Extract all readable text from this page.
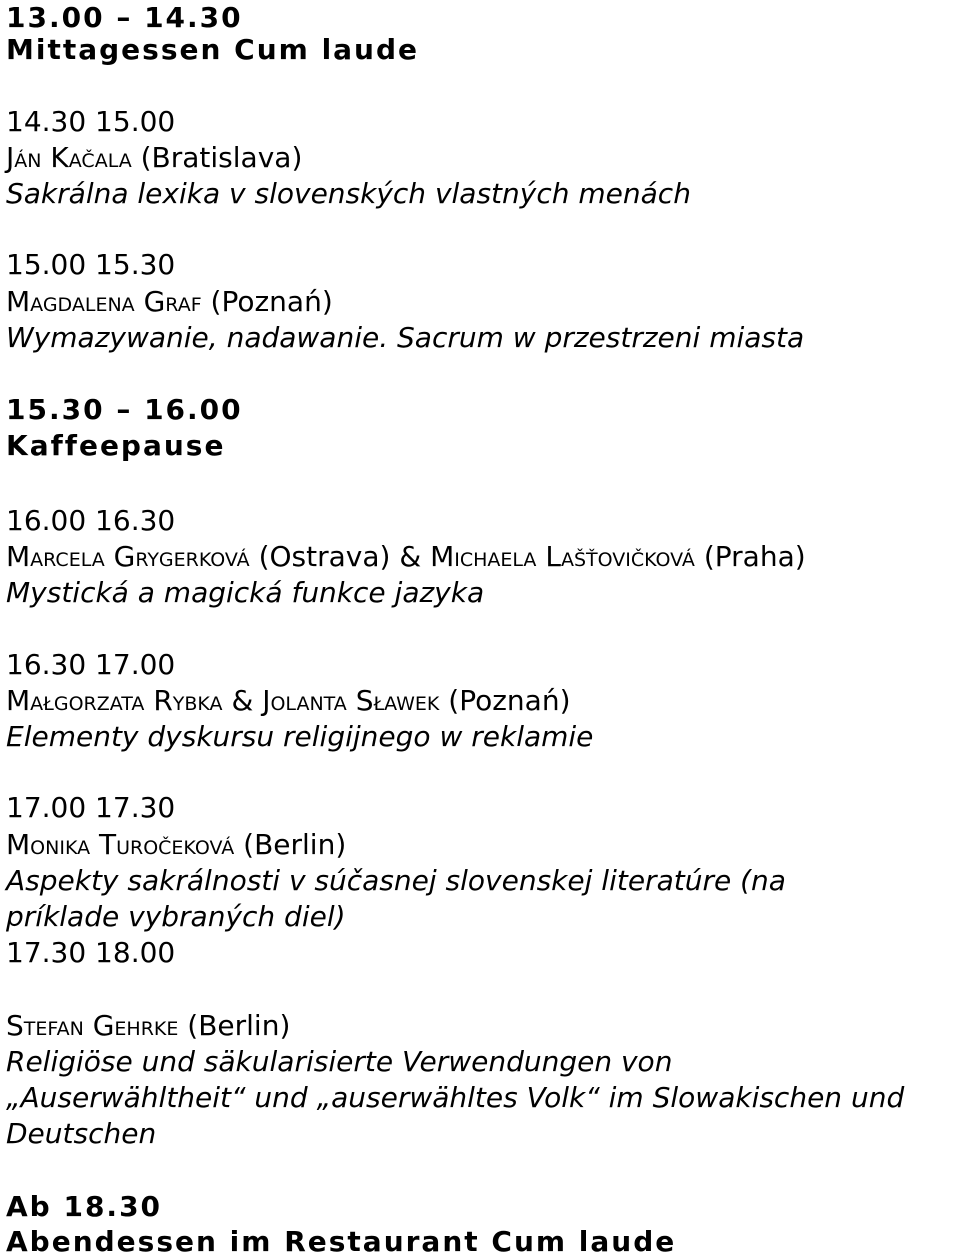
13.00 – 14.30
Mittagessen Cum laude
14.30 15.00
JÁN KAČALA (Bratislava)
Sakrálna lexika v slovenských vlastných menách
15.00 15.30
MAGDALENA GRAF (Poznań)
Wymazywanie, nadawanie. Sacrum w przestrzeni miasta
15.30 – 16.00
Kaffeepause
16.00 16.30
MARCELA GRYGERKOVÁ (Ostrava) & MICHAELA LAŠŤOVIČKOVÁ (Praha)
Mystická a magická funkce jazyka
16.30 17.00
MAŁGORZATA RYBKA & JOLANTA SŁAWEK (Poznań)
Elementy dyskursu religijnego w reklamie
17.00 17.30
MONIKA TUROČEKOVÁ (Berlin)
Aspekty sakrálnosti v súčasnej slovenskej literatúre (na
príklade vybraných diel)
17.30 18.00
STEFAN GEHRKE (Berlin)
Religiöse und säkularisierte Verwendungen von
„Auserwähltheit“ und „auserwähltes Volk“ im Slowakischen und
Deutschen
Ab 18.30
Abendessen im Restaurant Cum laude
